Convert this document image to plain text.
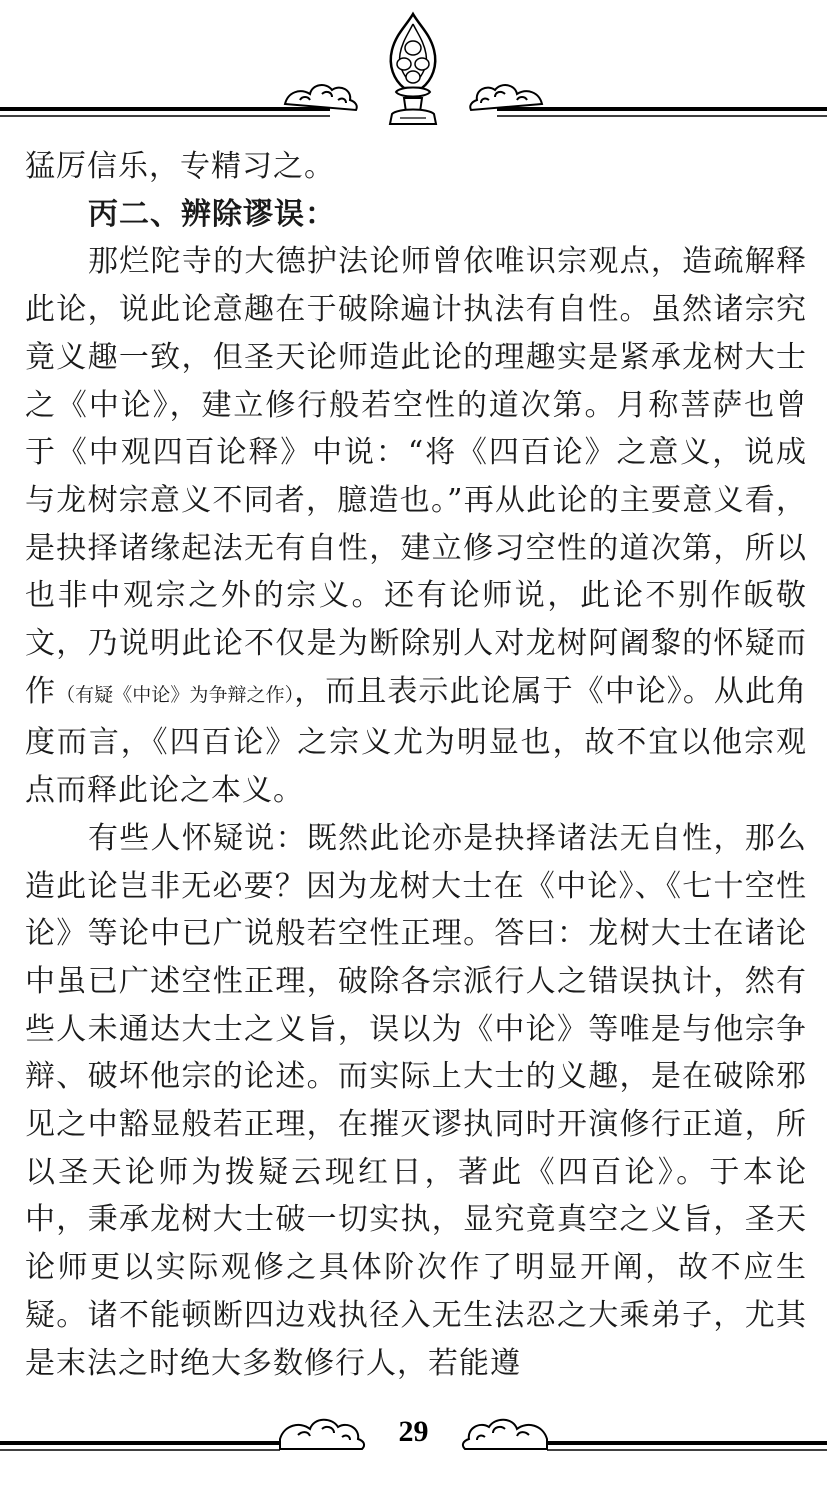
猛厉信乐，专精习之。

丙二、辨除谬误：

那烂陀寺的大德护法论师曾依唯识宗观点，造疏解释此论，说此论意趣在于破除遍计执法有自性。虽然诸宗究竟义趣一致，但圣天论师造此论的理趣实是紧承龙树大士之《中论》，建立修行般若空性的道次第。月称菩萨也曾于《中观四百论释》中说：“将《四百论》之意义，说成与龙树宗意义不同者，臆造也。”再从此论的主要意义看，是抉择诸缘起法无有自性，建立修习空性的道次第，所以也非中观宗之外的宗义。还有论师说，此论不别作皈敬文，乃说明此论不仅是为断除别人对龙树阿阇黎的怀疑而作（有疑《中论》为争辩之作），而且表示此论属于《中论》。从此角度而言，《四百论》之宗义尤为明显也，故不宜以他宗观点而释此论之本义。

有些人怀疑说：既然此论亦是抉择诸法无自性，那么造此论岂非无必要？因为龙树大士在《中论》、《七十空性论》等论中已广说般若空性正理。答曰：龙树大士在诸论中虽已广述空性正理，破除各宗派行人之错误执计，然有些人未通达大士之义旨，误以为《中论》等唯是与他宗争辩、破坏他宗的论述。而实际上大士的义趣，是在破除邪见之中豁显般若正理，在摧灭谬执同时开演修行正道，所以圣天论师为拨疑云现红日，著此《四百论》。于本论中，秉承龙树大士破一切实执，显究竟真空之义旨，圣天论师更以实际观修之具体阶次作了明显开阐，故不应生疑。诸不能顿断四边戏执径入无生法忍之大乘弟子，尤其是末法之时绝大多数修行人，若能遵

29
